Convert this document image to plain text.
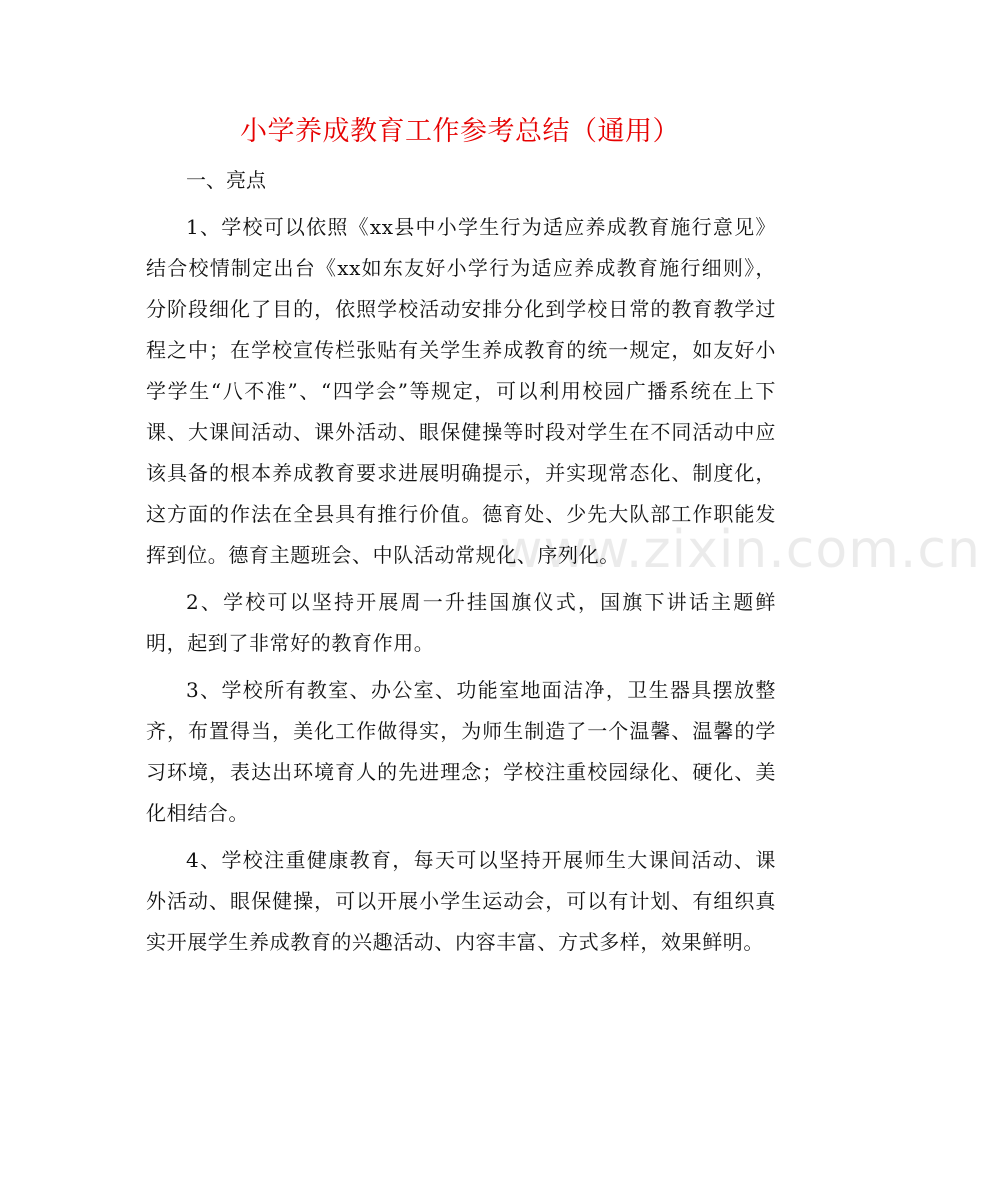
小学养成教育工作参考总结（通用）

一、亮点

1、学校可以依照《xx县中小学生行为适应养成教育施行意见》结合校情制定出台《xx如东友好小学行为适应养成教育施行细则》，分阶段细化了目的，依照学校活动安排分化到学校日常的教育教学过程之中；在学校宣传栏张贴有关学生养成教育的统一规定，如友好小学学生“八不准”、“四学会”等规定，可以利用校园广播系统在上下课、大课间活动、课外活动、眼保健操等时段对学生在不同活动中应该具备的根本养成教育要求进展明确提示，并实现常态化、制度化，这方面的作法在全县具有推行价值。德育处、少先大队部工作职能发挥到位。德育主题班会、中队活动常规化、序列化。

2、学校可以坚持开展周一升挂国旗仪式，国旗下讲话主题鲜明，起到了非常好的教育作用。

3、学校所有教室、办公室、功能室地面洁净，卫生器具摆放整齐，布置得当，美化工作做得实，为师生制造了一个温馨、温馨的学习环境，表达出环境育人的先进理念；学校注重校园绿化、硬化、美化相结合。

4、学校注重健康教育，每天可以坚持开展师生大课间活动、课外活动、眼保健操，可以开展小学生运动会，可以有计划、有组织真实开展学生养成教育的兴趣活动、内容丰富、方式多样，效果鲜明。

www.zixin.com.cn
